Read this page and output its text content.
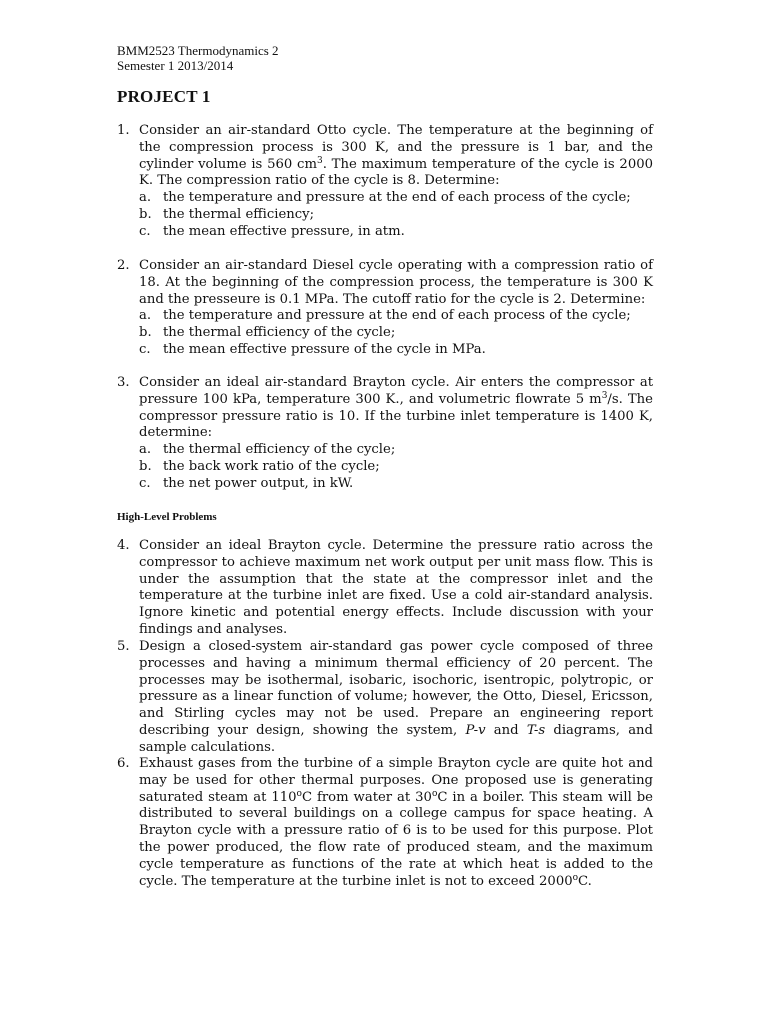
BMM2523 Thermodynamics 2
Semester 1 2013/2014
PROJECT 1
1. Consider an air-standard Otto cycle. The temperature at the beginning of the compression process is 300 K, and the pressure is 1 bar, and the cylinder volume is 560 $cm^3$. The maximum temperature of the cycle is 2000 K. The compression ratio of the cycle is 8. Determine:
a. the temperature and pressure at the end of each process of the cycle;
b. the thermal efficiency;
c. the mean effective pressure, in atm.
2. Consider an air-standard Diesel cycle operating with a compression ratio of 18. At the beginning of the compression process, the temperature is 300 K and the presseure is 0.1 MPa. The cutoff ratio for the cycle is 2. Determine:
a. the temperature and pressure at the end of each process of the cycle;
b. the thermal efficiency of the cycle;
c. the mean effective pressure of the cycle in MPa.
3. Consider an ideal air-standard Brayton cycle. Air enters the compressor at pressure 100 kPa, temperature 300 K., and volumetric flowrate 5 $m^3/s$. The compressor pressure ratio is 10. If the turbine inlet temperature is 1400 K, determine:
a. the thermal efficiency of the cycle;
b. the back work ratio of the cycle;
c. the net power output, in kW.
High-Level Problems
4. Consider an ideal Brayton cycle. Determine the pressure ratio across the compressor to achieve maximum net work output per unit mass flow. This is under the assumption that the state at the compressor inlet and the temperature at the turbine inlet are fixed. Use a cold air-standard analysis. Ignore kinetic and potential energy effects. Include discussion with your findings and analyses.
5. Design a closed-system air-standard gas power cycle composed of three processes and having a minimum thermal efficiency of 20 percent. The processes may be isothermal, isobaric, isochoric, isentropic, polytropic, or pressure as a linear function of volume; however, the Otto, Diesel, Ericsson, and Stirling cycles may not be used. Prepare an engineering report describing your design, showing the system, P-v and T-s diagrams, and sample calculations.
6. Exhaust gases from the turbine of a simple Brayton cycle are quite hot and may be used for other thermal purposes. One proposed use is generating saturated steam at 110$^o$C from water at 30$^o$C in a boiler. This steam will be distributed to several buildings on a college campus for space heating. A Brayton cycle with a pressure ratio of 6 is to be used for this purpose. Plot the power produced, the flow rate of produced steam, and the maximum cycle temperature as functions of the rate at which heat is added to the cycle. The temperature at the turbine inlet is not to exceed 2000$^o$C.
